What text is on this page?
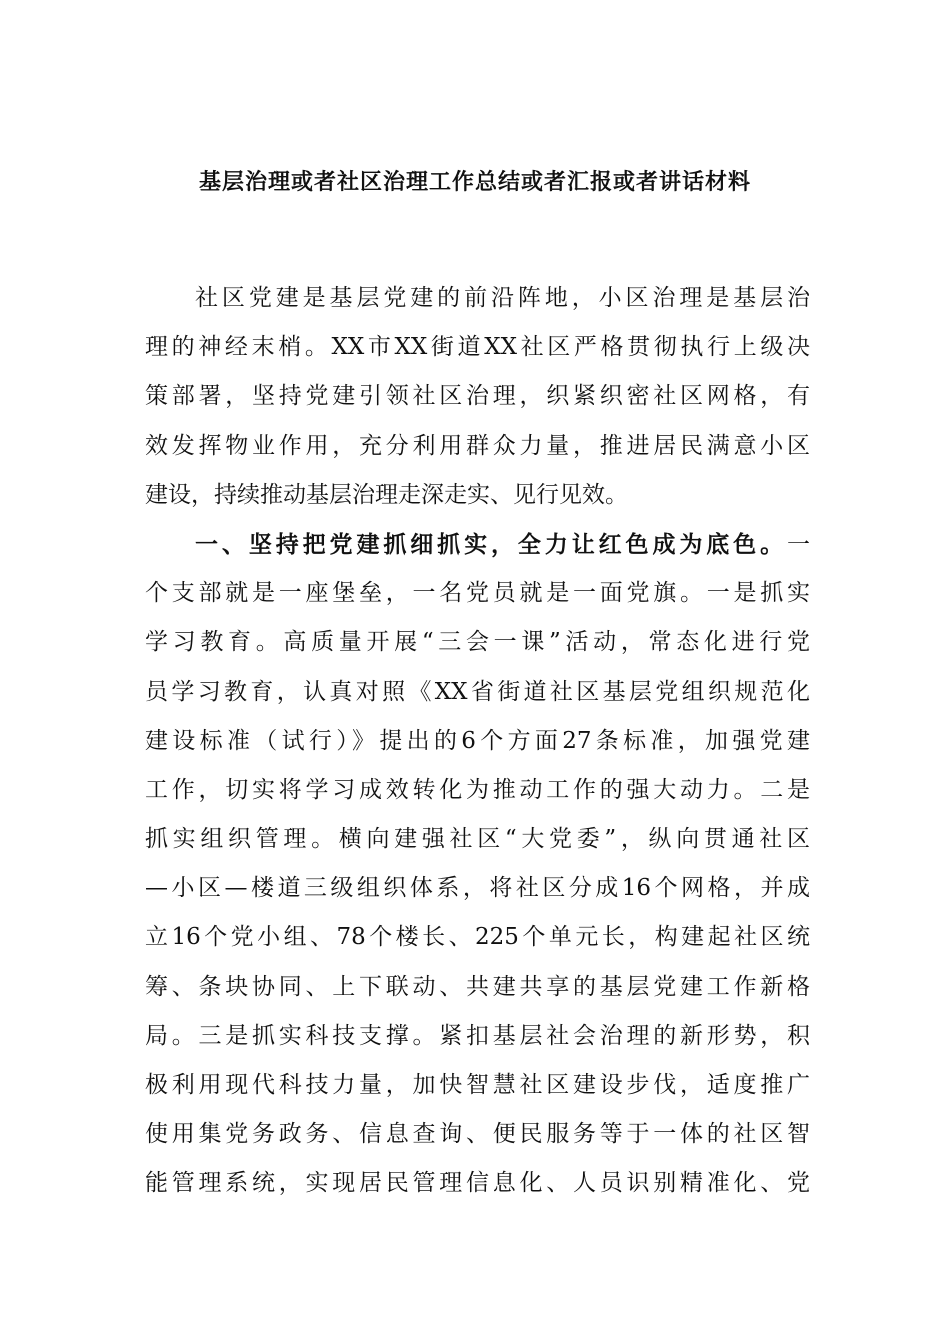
基层治理或者社区治理工作总结或者汇报或者讲话材料
社区党建是基层党建的前沿阵地，小区治理是基层治
理的神经末梢。XX市XX街道XX社区严格贯彻执行上级决
策部署，坚持党建引领社区治理，织紧织密社区网格，有
效发挥物业作用，充分利用群众力量，推进居民满意小区
建设，持续推动基层治理走深走实、见行见效。
一、坚持把党建抓细抓实，全力让红色成为底色。一
个支部就是一座堡垒，一名党员就是一面党旗。一是抓实
学习教育。高质量开展“三会一课”活动，常态化进行党
员学习教育，认真对照《XX省街道社区基层党组织规范化
建设标准（试行）》提出的6个方面27条标准，加强党建
工作，切实将学习成效转化为推动工作的强大动力。二是
抓实组织管理。横向建强社区“大党委”，纵向贯通社区
—小区—楼道三级组织体系，将社区分成16个网格，并成
立16个党小组、78个楼长、225个单元长，构建起社区统
筹、条块协同、上下联动、共建共享的基层党建工作新格
局。三是抓实科技支撑。紧扣基层社会治理的新形势，积
极利用现代科技力量，加快智慧社区建设步伐，适度推广
使用集党务政务、信息查询、便民服务等于一体的社区智
能管理系统，实现居民管理信息化、人员识别精准化、党
